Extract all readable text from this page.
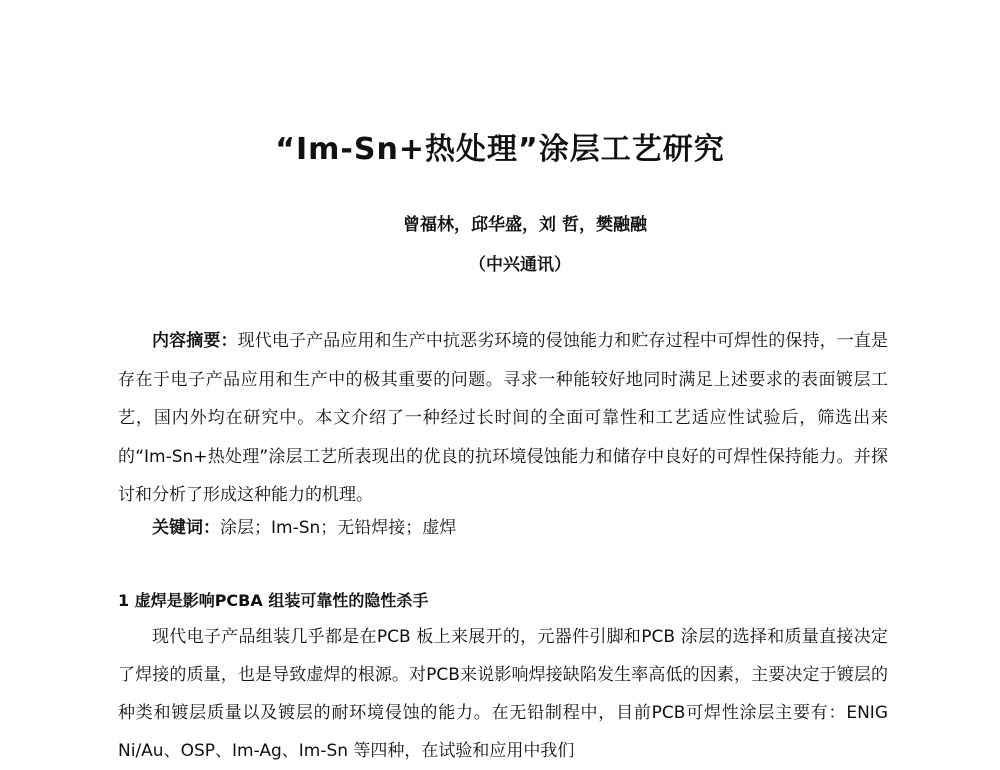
“Im-Sn+热处理”涂层工艺研究
曾福林，邱华盛，刘 哲，樊融融
（中兴通讯）
内容摘要：现代电子产品应用和生产中抗恶劣环境的侵蚀能力和贮存过程中可焊性的保持，一直是存在于电子产品应用和生产中的极其重要的问题。寻求一种能较好地同时满足上述要求的表面镀层工艺，国内外均在研究中。本文介绍了一种经过长时间的全面可靠性和工艺适应性试验后，筛选出来的“Im-Sn+热处理”涂层工艺所表现出的优良的抗环境侵蚀能力和储存中良好的可焊性保持能力。并探讨和分析了形成这种能力的机理。
关键词：涂层；Im-Sn；无铅焊接；虚焊
1 虚焊是影响PCBA 组装可靠性的隐性杀手
现代电子产品组装几乎都是在PCB 板上来展开的，元器件引脚和PCB 涂层的选择和质量直接决定了焊接的质量，也是导致虚焊的根源。对PCB来说影响焊接缺陷发生率高低的因素，主要决定于镀层的种类和镀层质量以及镀层的耐环境侵蚀的能力。在无铅制程中，目前PCB可焊性涂层主要有：ENIG Ni/Au、OSP、Im-Ag、Im-Sn 等四种，在试验和应用中我们
